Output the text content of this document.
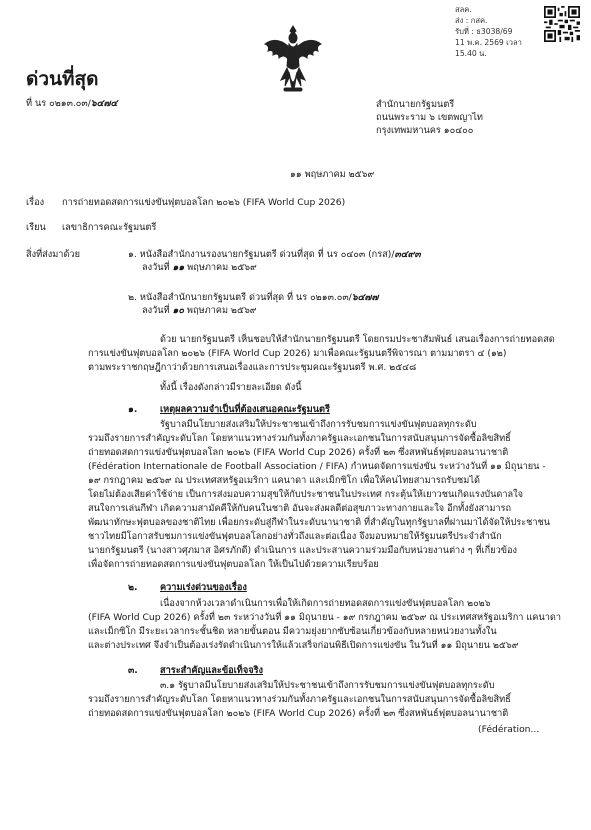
สลค.
ส่ง : กสค.
รับที่ : ธ3038/69
11 พ.ค. 2569 เวลา 15.40 น.
ด่วนที่สุด
ที่ นร ๐๒๑๓.๐๓/๖๔๗๔	สำนักนายกรัฐมนตรี
ถนนพระราม ๖ เขตพญาไท
กรุงเทพมหานคร ๑๐๔๐๐
๑๑ พฤษภาคม ๒๕๖๙
เรื่อง การถ่ายทอดสดการแข่งขันฟุตบอลโลก ๒๐๒๖ (FIFA World Cup 2026)
เรียน เลขาธิการคณะรัฐมนตรี
สิ่งที่ส่งมาด้วย	๑. หนังสือสำนักงานรองนายกรัฐมนตรี ด่วนที่สุด ที่ นร ๐๔๐๓ (กรส)/๓๔๙๓
ลงวันที่ ๑๑ พฤษภาคม ๒๕๖๙
๒. หนังสือสำนักนายกรัฐมนตรี ด่วนที่สุด ที่ นร ๐๒๑๓.๐๓/๖๔๗๗
ลงวันที่ ๑๐ พฤษภาคม ๒๕๖๙
ด้วย นายกรัฐมนตรี เห็นชอบให้สำนักนายกรัฐมนตรี โดยกรมประชาสัมพันธ์ เสนอเรื่องการถ่ายทอดสด
การแข่งขันฟุตบอลโลก ๒๐๒๖ (FIFA World Cup 2026) มาเพื่อคณะรัฐมนตรีพิจารณา ตามมาตรา ๔ (๑๒)
ตามพระราชกฤษฎีกาว่าด้วยการเสนอเรื่องและการประชุมคณะรัฐมนตรี พ.ศ. ๒๕๔๘
ทั้งนี้ เรื่องดังกล่าวมีรายละเอียด ดังนี้
๑. เหตุผลความจำเป็นที่ต้องเสนอคณะรัฐมนตรี
รัฐบาลมีนโยบายส่งเสริมให้ประชาชนเข้าถึงการรับชมการแข่งขันฟุตบอลทุกระดับ
รวมถึงรายการสำคัญระดับโลก โดยหาแนวทางร่วมกันทั้งภาครัฐและเอกชนในการสนับสนุนการจัดซื้อลิขสิทธิ์
ถ่ายทอดสดการแข่งขันฟุตบอลโลก ๒๐๒๖ (FIFA World Cup 2026) ครั้งที่ ๒๓ ซึ่งสหพันธ์ฟุตบอลนานาชาติ
(Fédération Internationale de Football Association / FIFA) กำหนดจัดการแข่งขัน ระหว่างวันที่ ๑๑ มิถุนายน -
๑๙ กรกฎาคม ๒๕๖๙ ณ ประเทศสหรัฐอเมริกา แคนาดา และเม็กซิโก เพื่อให้คนไทยสามารถรับชมได้
โดยไม่ต้องเสียค่าใช้จ่าย เป็นการส่งมอบความสุขให้กับประชาชนในประเทศ กระตุ้นให้เยาวชนเกิดแรงบันดาลใจ
สนใจการเล่นกีฬา เกิดความสามัคคีให้กับคนในชาติ อันจะส่งผลดีต่อสุขภาวะทางกายและใจ อีกทั้งยังสามารถ
พัฒนาทักษะฟุตบอลของชาติไทย เพื่อยกระดับสู่กีฬาในระดับนานาชาติ ที่สำคัญในทุกรัฐบาลที่ผ่านมาได้จัดให้ประชาชน
ชาวไทยมีโอกาสรับชมการแข่งขันฟุตบอลโลกอย่างทั่วถึงและต่อเนื่อง จึงมอบหมายให้รัฐมนตรีประจำสำนัก
นายกรัฐมนตรี (นางสาวศุภมาส อิศรภักดี) ดำเนินการ และประสานความร่วมมือกับหน่วยงานต่าง ๆ ที่เกี่ยวข้อง
เพื่อจัดการถ่ายทอดสดการแข่งขันฟุตบอลโลก ให้เป็นไปด้วยความเรียบร้อย
๒. ความเร่งด่วนของเรื่อง
เนื่องจากห้วงเวลาดำเนินการเพื่อให้เกิดการถ่ายทอดสดการแข่งขันฟุตบอลโลก ๒๐๒๖
(FIFA World Cup 2026) ครั้งที่ ๒๓ ระหว่างวันที่ ๑๑ มิถุนายน - ๑๙ กรกฎาคม ๒๕๖๙ ณ ประเทศสหรัฐอเมริกา แคนาดา
และเม็กซิโก มีระยะเวลากระชั้นชิด หลายขั้นตอน มีความยุ่งยากซับซ้อนเกี่ยวข้องกับหลายหน่วยงานทั้งใน
และต่างประเทศ จึงจำเป็นต้องเร่งรัดดำเนินการให้แล้วเสร็จก่อนพิธีเปิดการแข่งขัน ในวันที่ ๑๑ มิถุนายน ๒๕๖๙
๓. สาระสำคัญและข้อเท็จจริง
๓.๑ รัฐบาลมีนโยบายส่งเสริมให้ประชาชนเข้าถึงการรับชมการแข่งขันฟุตบอลทุกระดับ
รวมถึงรายการสำคัญระดับโลก โดยหาแนวทางร่วมกันทั้งภาครัฐและเอกชนในการสนับสนุนการจัดซื้อลิขสิทธิ์
ถ่ายทอดสดการแข่งขันฟุตบอลโลก ๒๐๒๖ (FIFA World Cup 2026) ครั้งที่ ๒๓ ซึ่งสหพันธ์ฟุตบอลนานาชาติ
(Fédération...
